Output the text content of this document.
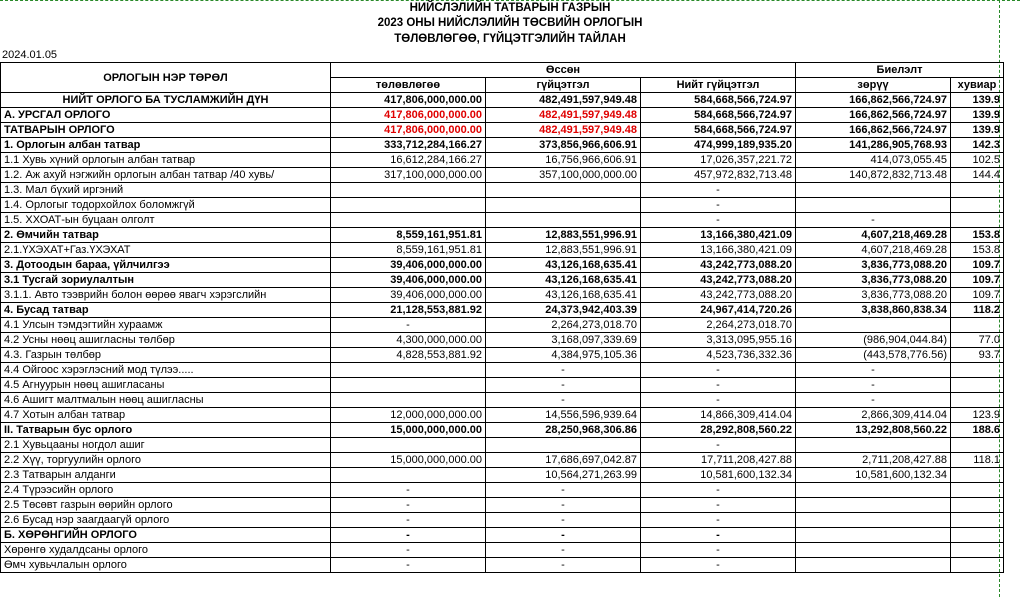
НИЙСЛЭЛИЙН ТАТВАРЫН ГАЗРЫН
2023 ОНЫ НИЙСЛЭЛИЙН ТӨСВИЙН ОРЛОГЫН
ТӨЛӨВЛӨГӨӨ, ГҮЙЦЭТГЭЛИЙН ТАЙЛАН
2024.01.05
ОРЛОГЫН НЭР ТӨРӨЛ	Өссөн			Биелэлт	
	төлөвлөгөө	гүйцэтгэл	Нийт гүйцэтгэл	зөрүү	хувиар
НИЙТ ОРЛОГО БА ТУСЛАМЖИЙН ДҮН	417,806,000,000.00	482,491,597,949.48	584,668,566,724.97	166,862,566,724.97	139.9
А. УРСГАЛ ОРЛОГО	417,806,000,000.00	482,491,597,949.48	584,668,566,724.97	166,862,566,724.97	139.9
ТАТВАРЫН ОРЛОГО	417,806,000,000.00	482,491,597,949.48	584,668,566,724.97	166,862,566,724.97	139.9
1. Орлогын албан татвар	333,712,284,166.27	373,856,966,606.91	474,999,189,935.20	141,286,905,768.93	142.3
1.1 Хувь хүний орлогын албан татвар	16,612,284,166.27	16,756,966,606.91	17,026,357,221.72	414,073,055.45	102.5
1.2. Аж ахуй нэгжийн орлогын албан татвар /40 хувь/	317,100,000,000.00	357,100,000,000.00	457,972,832,713.48	140,872,832,713.48	144.4
1.3. Мал бүхий иргэний			-		
1.4. Орлогыг тодорхойлох боломжгүй			-		
1.5. ХХОАТ-ын буцаан олголт			-	-	
2. Өмчийн татвар	8,559,161,951.81	12,883,551,996.91	13,166,380,421.09	4,607,218,469.28	153.8
2.1.ҮХЭХАТ+Газ.ҮХЭХАТ	8,559,161,951.81	12,883,551,996.91	13,166,380,421.09	4,607,218,469.28	153.8
3. Дотоодын бараа, үйлчилгээ	39,406,000,000.00	43,126,168,635.41	43,242,773,088.20	3,836,773,088.20	109.7
3.1 Тусгай зориулалтын	39,406,000,000.00	43,126,168,635.41	43,242,773,088.20	3,836,773,088.20	109.7
3.1.1. Авто тээврийн болон өөрөө явагч хэрэгслийн	39,406,000,000.00	43,126,168,635.41	43,242,773,088.20	3,836,773,088.20	109.7
4. Бусад татвар	21,128,553,881.92	24,373,942,403.39	24,967,414,720.26	3,838,860,838.34	118.2
4.1 Улсын тэмдэгтийн хураамж	-	2,264,273,018.70	2,264,273,018.70		
4.2 Усны нөөц ашигласны төлбөр	4,300,000,000.00	3,168,097,339.69	3,313,095,955.16	(986,904,044.84)	77.0
4.3. Газрын төлбөр	4,828,553,881.92	4,384,975,105.36	4,523,736,332.36	(443,578,776.56)	93.7
4.4 Ойгоос хэрэглэсний мод түлээ.....		-	-	-	
4.5 Агнуурын нөөц ашигласаны		-	-	-	
4.6 Ашигт малтмалын нөөц ашигласны		-	-	-	
4.7 Хотын албан татвар	12,000,000,000.00	14,556,596,939.64	14,866,309,414.04	2,866,309,414.04	123.9
II. Татварын бус орлого	15,000,000,000.00	28,250,968,306.86	28,292,808,560.22	13,292,808,560.22	188.6
2.1 Хувьцааны ногдол ашиг			-		
2.2 Хүү, торгуулийн орлого	15,000,000,000.00	17,686,697,042.87	17,711,208,427.88	2,711,208,427.88	118.1
2.3 Татварын алданги		10,564,271,263.99	10,581,600,132.34	10,581,600,132.34	
2.4 Түрээсийн орлого	-	-	-		
2.5 Төсөвт газрын өөрийн орлого	-	-	-		
2.6 Бусад нэр заагдаагүй орлого	-	-	-		
Б. ХӨРӨНГИЙН ОРЛОГО	-	-	-		
Хөрөнгө худалдсаны орлого	-	-	-		
Өмч хувьчлалын орлого	-	-	-		
